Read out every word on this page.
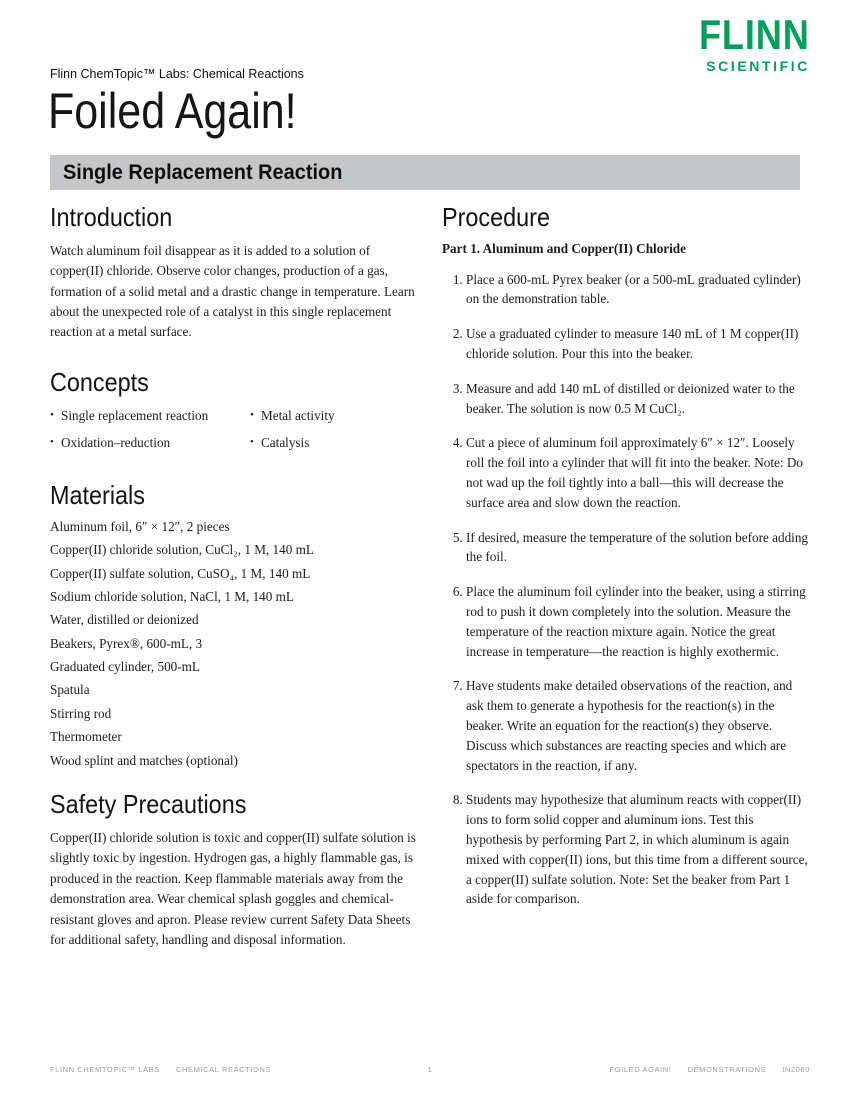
FLINN
SCIENTIFIC
Flinn ChemTopic™ Labs: Chemical Reactions
Foiled Again!
Single Replacement Reaction
Introduction

Watch aluminum foil disappear as it is added to a solution of copper(II) chloride. Observe color changes, production of a gas, formation of a solid metal and a drastic change in temperature. Learn about the unexpected role of a catalyst in this single replacement reaction at a metal surface.

Concepts
• Single replacement reaction
• Oxidation–reduction
• Metal activity
• Catalysis
Materials
Aluminum foil, 6″ × 12″, 2 pieces
Copper(II) chloride solution, CuCl₂, 1 M, 140 mL
Copper(II) sulfate solution, CuSO₄, 1 M, 140 mL
Sodium chloride solution, NaCl, 1 M, 140 mL
Water, distilled or deionized
Beakers, Pyrex®, 600-mL, 3
Graduated cylinder, 500-mL
Spatula
Stirring rod
Thermometer
Wood splint and matches (optional)
Safety Precautions

Copper(II) chloride solution is toxic and copper(II) sulfate solution is slightly toxic by ingestion. Hydrogen gas, a highly flammable gas, is produced in the reaction. Keep flammable materials away from the demonstration area. Wear chemical splash goggles and chemical-resistant gloves and apron. Please review current Safety Data Sheets for additional safety, handling and disposal information.

Procedure

Part 1. Aluminum and Copper(II) Chloride

1. Place a 600-mL Pyrex beaker (or a 500-mL graduated cylinder) on the demonstration table.
2. Use a graduated cylinder to measure 140 mL of 1 M copper(II) chloride solution. Pour this into the beaker.
3. Measure and add 140 mL of distilled or deionized water to the beaker. The solution is now 0.5 M CuCl₂.
4. Cut a piece of aluminum foil approximately 6″ × 12″. Loosely roll the foil into a cylinder that will fit into the beaker. Note: Do not wad up the foil tightly into a ball—this will decrease the surface area and slow down the reaction.
5. If desired, measure the temperature of the solution before adding the foil.
6. Place the aluminum foil cylinder into the beaker, using a stirring rod to push it down completely into the solution. Measure the temperature of the reaction mixture again. Notice the great increase in temperature—the reaction is highly exothermic.
7. Have students make detailed observations of the reaction, and ask them to generate a hypothesis for the reaction(s) in the beaker. Write an equation for the reaction(s) they observe. Discuss which substances are reacting species and which are spectators in the reaction, if any.
8. Students may hypothesize that aluminum reacts with copper(II) ions to form solid copper and aluminum ions. Test this hypothesis by performing Part 2, in which aluminum is again mixed with copper(II) ions, but this time from a different source, a copper(II) sulfate solution. Note: Set the beaker from Part 1 aside for comparison.
FLINN CHEMTOPIC™ LABS CHEMICAL REACTIONS	1	FOILED AGAIN! DEMONSTRATIONS IN2060
